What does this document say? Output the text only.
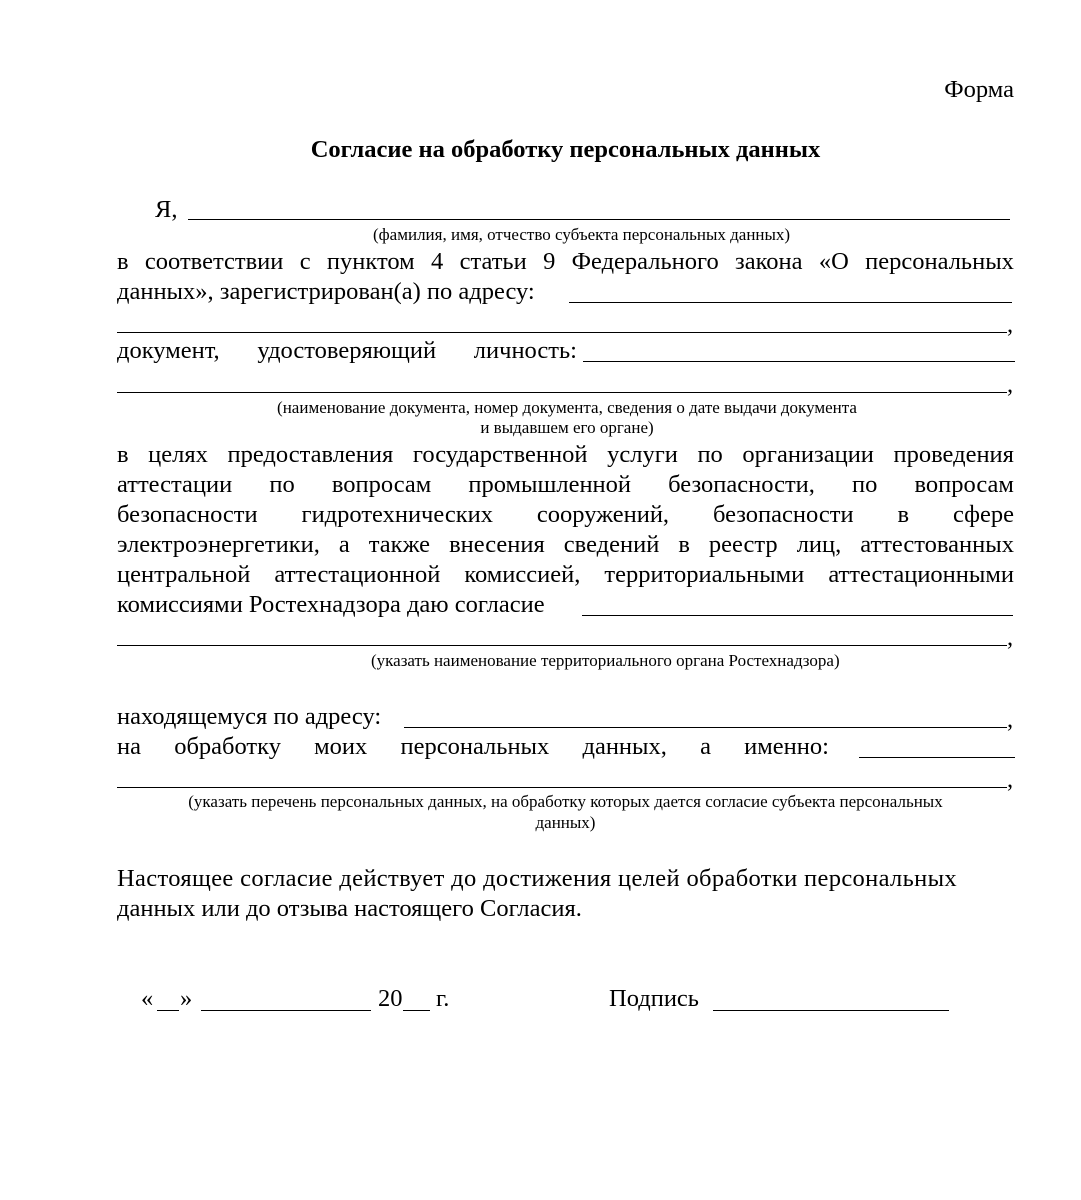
Форма
Согласие на обработку персональных данных
Я,
(фамилия, имя, отчество субъекта персональных данных)
в соответствии с пунктом 4 статьи 9 Федерального закона «О персональных
данных», зарегистрирован(а) по адресу:
,
документ, удостоверяющий личность:
,
(наименование документа, номер документа, сведения о дате выдачи документа
и выдавшем его органе)
в целях предоставления государственной услуги по организации проведения
аттестации по вопросам промышленной безопасности, по вопросам
безопасности гидротехнических сооружений, безопасности в сфере
электроэнергетики, а также внесения сведений в реестр лиц, аттестованных
центральной аттестационной комиссией, территориальными аттестационными
комиссиями Ростехнадзора даю согласие
,
(указать наименование территориального органа Ростехнадзора)
находящемуся по адресу:	,
на обработку моих персональных данных, а именно:
,
(указать перечень персональных данных, на обработку которых дается согласие субъекта персональных
данных)
Настоящее согласие действует до достижения целей обработки персональных
данных или до отзыва настоящего Согласия.
« »	20 г.	Подпись
